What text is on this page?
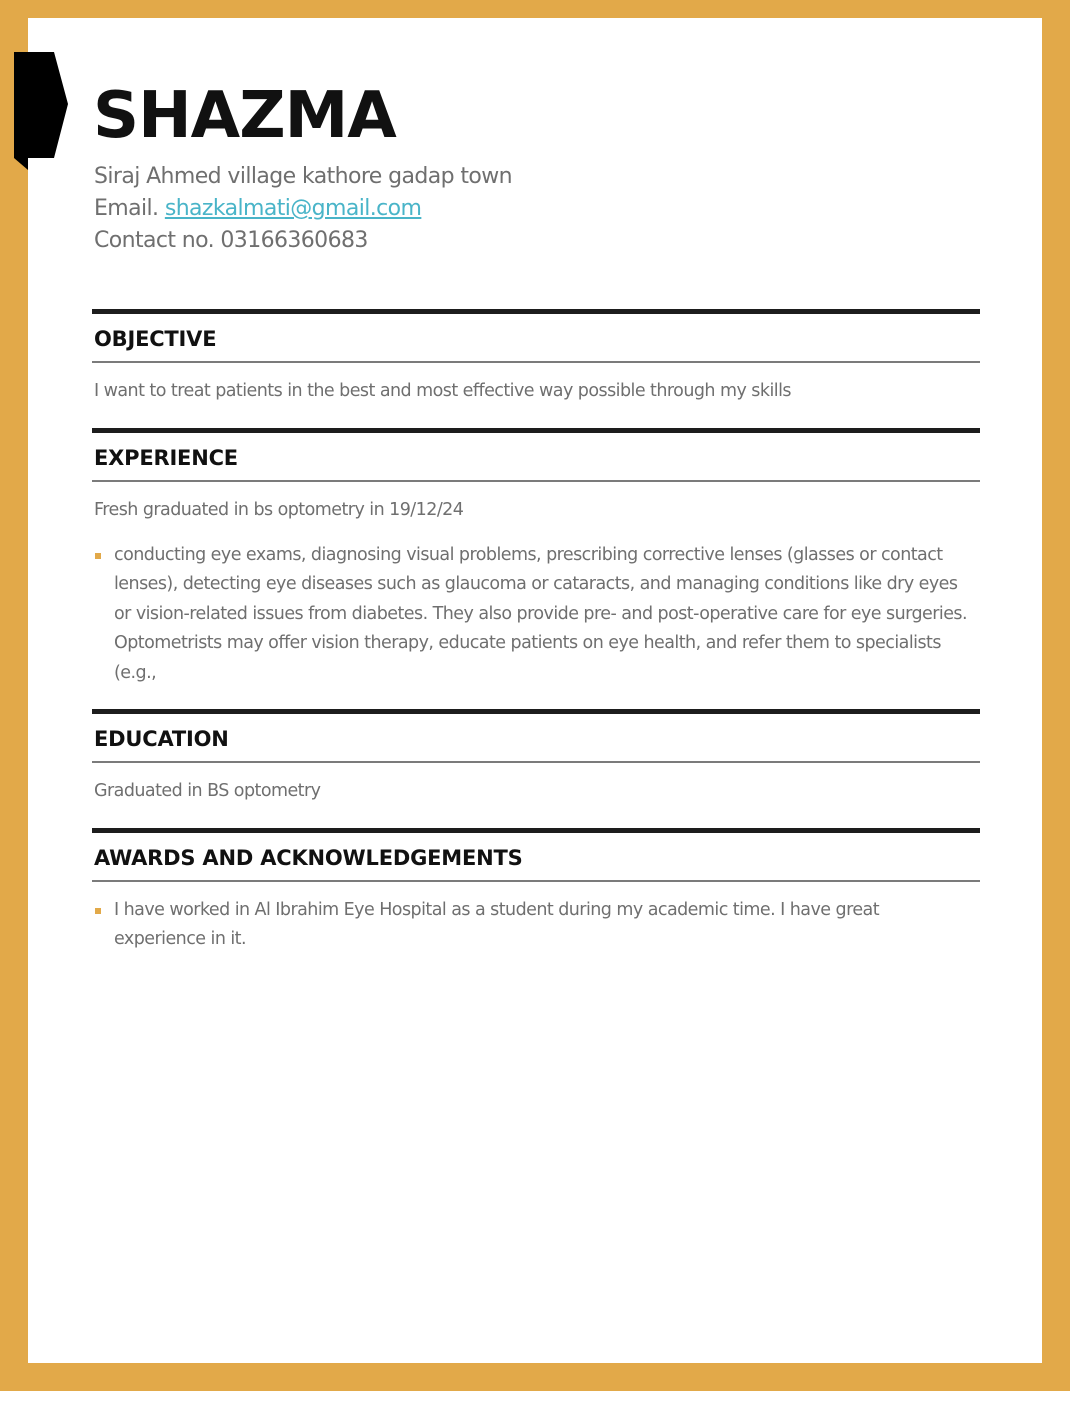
SHAZMA
Siraj Ahmed village kathore gadap town
Email. shazkalmati@gmail.com
Contact no. 03166360683
OBJECTIVE

I want to treat patients in the best and most effective way possible through my skills

EXPERIENCE

Fresh graduated in bs optometry in 19/12/24

conducting eye exams, diagnosing visual problems, prescribing corrective lenses (glasses or contact lenses), detecting eye diseases such as glaucoma or cataracts, and managing conditions like dry eyes or vision-related issues from diabetes. They also provide pre- and post-operative care for eye surgeries. Optometrists may offer vision therapy, educate patients on eye health, and refer them to specialists (e.g.,
EDUCATION

Graduated in BS optometry

AWARDS AND ACKNOWLEDGEMENTS
I have worked in Al Ibrahim Eye Hospital as a student during my academic time. I have great experience in it.
